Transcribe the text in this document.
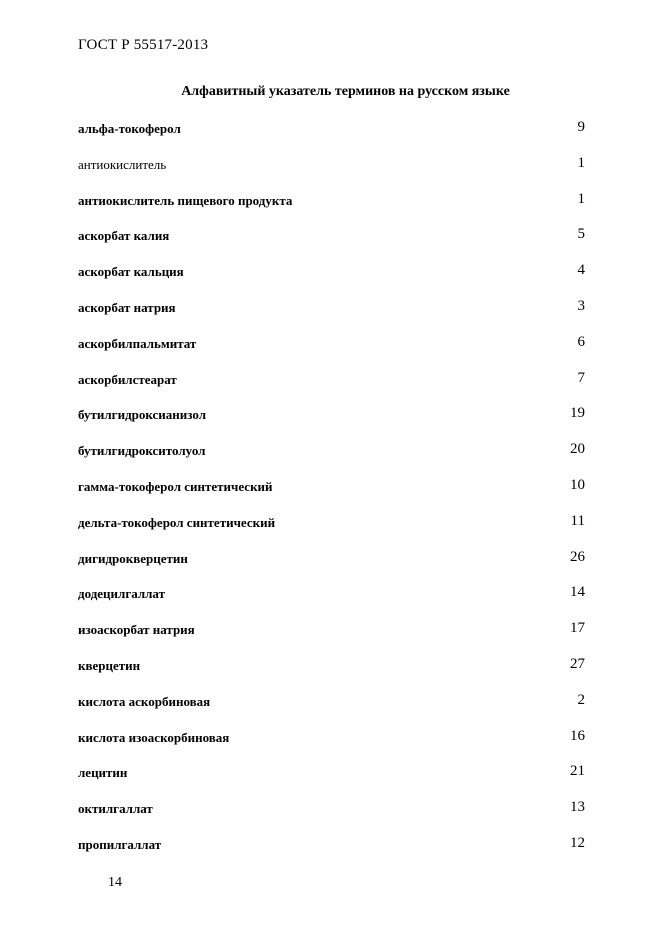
ГОСТ Р 55517-2013
Алфавитный указатель терминов на русском языке
альфа-токоферол	9
антиокислитель	1
антиокислитель пищевого продукта	1
аскорбат калия	5
аскорбат кальция	4
аскорбат натрия	3
аскорбилпальмитат	6
аскорбилстеарат	7
бутилгидроксианизол	19
бутилгидрокситолуол	20
гамма-токоферол синтетический	10
дельта-токоферол синтетический	11
дигидрокверцетин	26
додецилгаллат	14
изоаскорбат натрия	17
кверцетин	27
кислота аскорбиновая	2
кислота изоаскорбиновая	16
лецитин	21
октилгаллат	13
пропилгаллат	12
14
